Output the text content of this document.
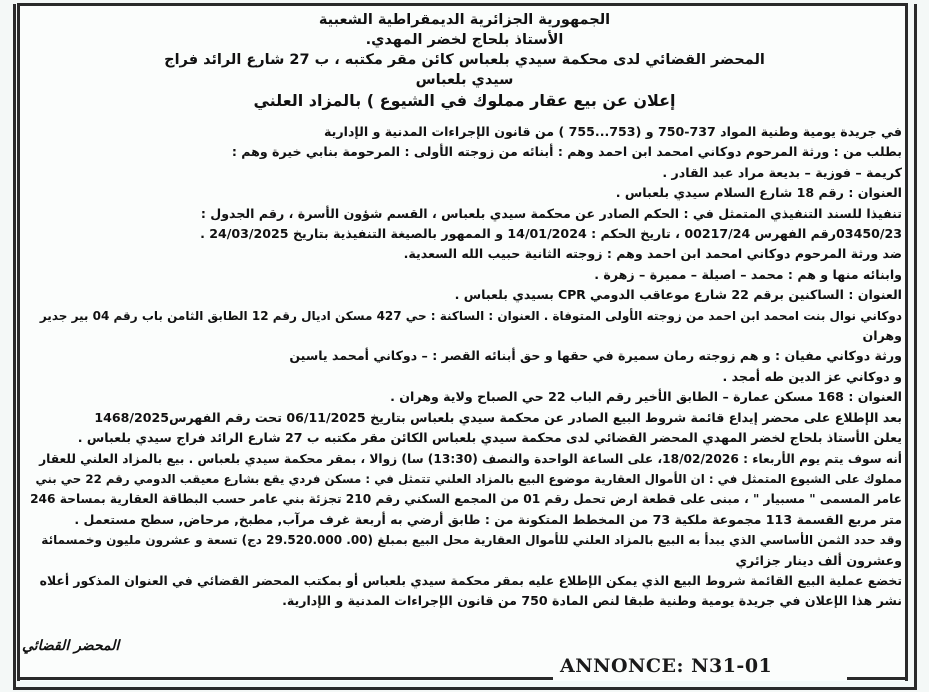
الجمهورية الجزائرية الديمقراطية الشعبية
الأستاذ بلحاج لخضر المهدي.
المحضر القضائي لدى محكمة سيدي بلعباس كائن مقر مكتبه ، ب 27 شارع الرائد فراج
سيدي بلعباس
إعلان عن بيع عقار مملوك في الشيوع ) بالمزاد العلني

في جريدة يومية وطنية المواد 737-750 و (753...755 ) من قانون الإجراءات المدنية و الإدارية

بطلب من : ورثة المرحوم دوكاني امحمد ابن احمد وهم : أبنائه من زوجته الأولى : المرحومة بنابي خيرة وهم :

كريمة – فوزية – بديعة مراد عبد القادر .

العنوان : رقم 18 شارع السلام سيدي بلعباس .

تنفيذا للسند التنفيذي المتمثل في : الحكم الصادر عن محكمة سيدي بلعباس ، القسم شؤون الأسرة ، رقم الجدول :

03450/23رقم الفهرس 00217/24 ، تاريخ الحكم : 14/01/2024 و الممهور بالصيغة التنفيذية بتاريخ 24/03/2025 .

ضد ورثة المرحوم دوكاني امحمد ابن احمد وهم : زوجته الثانية حبيب الله السعدية.

وابنائه منها و هم : محمد – اصيلة – مميرة – زهرة .

العنوان : الساكنين برقم 22 شارع موعاقب الدومي CPR بسيدي بلعباس .

دوكاني نوال بنت امحمد ابن احمد من زوجته الأولى المتوفاة . العنوان : الساكنة : حي 427 مسكن اديال رقم 12 الطابق الثامن باب رقم 04 بير جدير

وهران

ورثة دوكاني مفيان : و هم زوجته رمان سميرة في حقها و حق أبنائه القصر : – دوكاني أمحمد ياسين

و دوكاني عز الدين طه أمجد .

العنوان : 168 مسكن عمارة – الطابق الأخير رقم الباب 22 حي الصباح ولاية وهران .

بعد الإطلاع على محضر إيداع قائمة شروط البيع الصادر عن محكمة سيدي بلعباس بتاريخ 06/11/2025 تحت رقم الفهرس1468/2025

يعلن الأستاذ بلحاج لخضر المهدي المحضر القضائي لدى محكمة سيدي بلعباس الكائن مقر مكتبه ب 27 شارع الرائد فراج سيدي بلعباس .

أنه سوف يتم يوم الأربعاء : 18/02/2026، على الساعة الواحدة والنصف (13:30) سا) زوالا ، بمقر محكمة سيدي بلعباس . بيع بالمزاد العلني للعقار

مملوك على الشيوع المتمثل في : ان الأموال العقارية موضوع البيع بالمزاد العلني تتمثل في : مسكن فردي يقع بشارع معيقب الدومي رقم 22 حي بني

عامر المسمى " مسبيار " ، مبنى على قطعة ارض تحمل رقم 01 من المجمع السكني رقم 210 تجزئة بني عامر حسب البطاقة العقارية بمساحة 246

متر مربع القسمة 113 مجموعة ملكية 73 من المخطط المتكونة من : طابق أرضي به أربعة غرف مرآب, مطبخ, مرحاض, سطح مستعمل .

وقد حدد الثمن الأساسي الذي يبدأ به البيع بالمزاد العلني للأموال العقارية محل البيع بمبلغ (00. 29.520.000 دج) تسعة و عشرون مليون وخمسمائة

وعشرون ألف دينار جزائري

تخضع عملية البيع القائمة شروط البيع الذي يمكن الإطلاع عليه بمقر محكمة سيدي بلعباس أو بمكتب المحضر القضائي في العنوان المذكور أعلاه

نشر هذا الإعلان في جريدة يومية وطنية طبقا لنص المادة 750 من قانون الإجراءات المدنية و الإدارية.

المحضر القضائي
ANNONCE: N31-01
